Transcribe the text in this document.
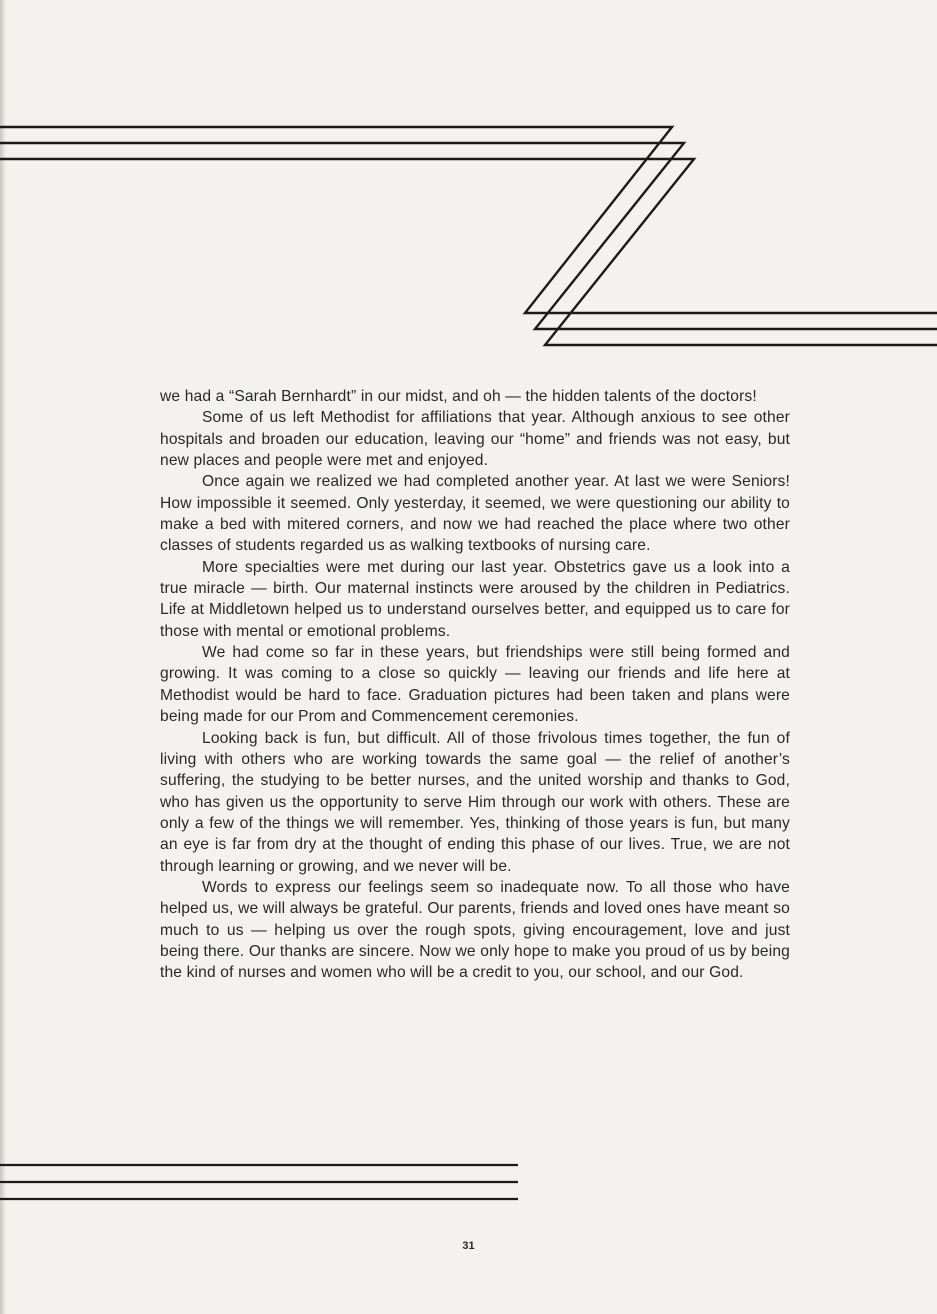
we had a “Sarah Bernhardt” in our midst, and oh — the hidden talents of the doctors!

Some of us left Methodist for affiliations that year. Although anxious to see other hospitals and broaden our education, leaving our “home” and friends was not easy, but new places and people were met and enjoyed.

Once again we realized we had completed another year. At last we were Seniors! How impossible it seemed. Only yesterday, it seemed, we were questioning our ability to make a bed with mitered corners, and now we had reached the place where two other classes of students regarded us as walking textbooks of nursing care.

More specialties were met during our last year. Obstetrics gave us a look into a true miracle — birth. Our maternal instincts were aroused by the children in Pediatrics. Life at Middletown helped us to understand ourselves better, and equipped us to care for those with mental or emotional problems.

We had come so far in these years, but friendships were still being formed and growing. It was coming to a close so quickly — leaving our friends and life here at Methodist would be hard to face. Graduation pictures had been taken and plans were being made for our Prom and Commencement ceremonies.

Looking back is fun, but difficult. All of those frivolous times together, the fun of living with others who are working towards the same goal — the relief of another’s suffering, the studying to be better nurses, and the united worship and thanks to God, who has given us the opportunity to serve Him through our work with others. These are only a few of the things we will remember. Yes, thinking of those years is fun, but many an eye is far from dry at the thought of ending this phase of our lives. True, we are not through learning or growing, and we never will be.

Words to express our feelings seem so inadequate now. To all those who have helped us, we will always be grateful. Our parents, friends and loved ones have meant so much to us — helping us over the rough spots, giving encouragement, love and just being there. Our thanks are sincere. Now we only hope to make you proud of us by being the kind of nurses and women who will be a credit to you, our school, and our God.

31
